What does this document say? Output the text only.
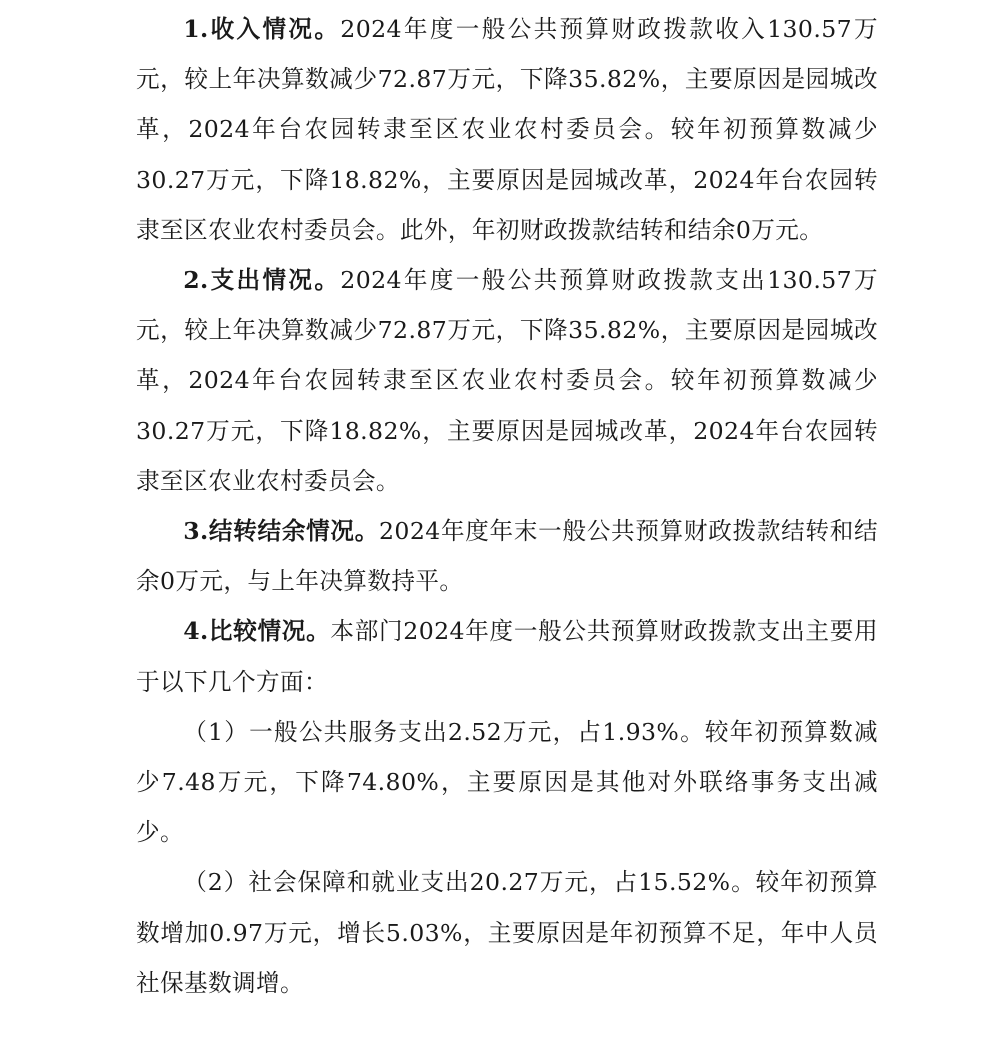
1.收入情况。2024年度一般公共预算财政拨款收入130.57万元，较上年决算数减少72.87万元，下降35.82%，主要原因是园城改革，2024年台农园转隶至区农业农村委员会。较年初预算数减少30.27万元，下降18.82%，主要原因是园城改革，2024年台农园转隶至区农业农村委员会。此外，年初财政拨款结转和结余0万元。

2.支出情况。2024年度一般公共预算财政拨款支出130.57万元，较上年决算数减少72.87万元，下降35.82%，主要原因是园城改革，2024年台农园转隶至区农业农村委员会。较年初预算数减少30.27万元，下降18.82%，主要原因是园城改革，2024年台农园转隶至区农业农村委员会。

3.结转结余情况。2024年度年末一般公共预算财政拨款结转和结余0万元，与上年决算数持平。

4.比较情况。本部门2024年度一般公共预算财政拨款支出主要用于以下几个方面：

（1）一般公共服务支出2.52万元，占1.93%。较年初预算数减少7.48万元，下降74.80%，主要原因是其他对外联络事务支出减少。

（2）社会保障和就业支出20.27万元，占15.52%。较年初预算数增加0.97万元，增长5.03%，主要原因是年初预算不足，年中人员社保基数调增。
